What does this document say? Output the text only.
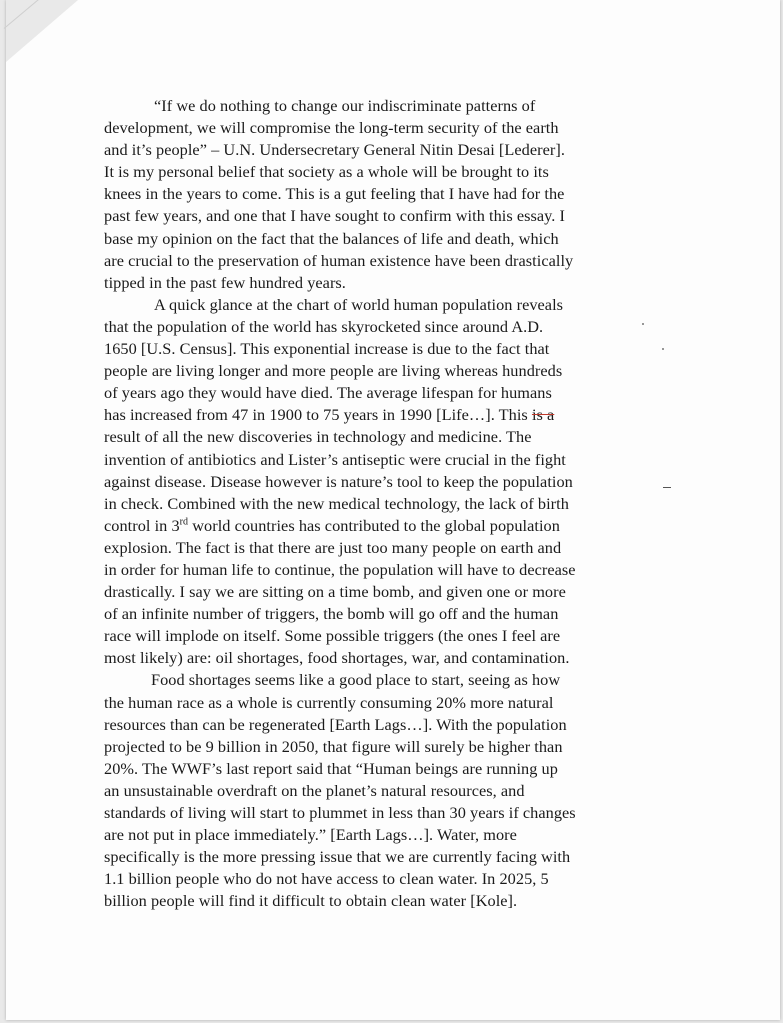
“If we do nothing to change our indiscriminate patterns of
development, we will compromise the long-term security of the earth
and it’s people” – U.N. Undersecretary General Nitin Desai [Lederer].
It is my personal belief that society as a whole will be brought to its
knees in the years to come. This is a gut feeling that I have had for the
past few years, and one that I have sought to confirm with this essay. I
base my opinion on the fact that the balances of life and death, which
are crucial to the preservation of human existence have been drastically
tipped in the past few hundred years.
A quick glance at the chart of world human population reveals
that the population of the world has skyrocketed since around A.D.
1650 [U.S. Census]. This exponential increase is due to the fact that
people are living longer and more people are living whereas hundreds
of years ago they would have died. The average lifespan for humans
has increased from 47 in 1900 to 75 years in 1990 [Life…]. This is a
result of all the new discoveries in technology and medicine. The
invention of antibiotics and Lister’s antiseptic were crucial in the fight
against disease. Disease however is nature’s tool to keep the population
in check. Combined with the new medical technology, the lack of birth
control in 3rd world countries has contributed to the global population
explosion. The fact is that there are just too many people on earth and
in order for human life to continue, the population will have to decrease
drastically. I say we are sitting on a time bomb, and given one or more
of an infinite number of triggers, the bomb will go off and the human
race will implode on itself. Some possible triggers (the ones I feel are
most likely) are: oil shortages, food shortages, war, and contamination.
Food shortages seems like a good place to start, seeing as how
the human race as a whole is currently consuming 20% more natural
resources than can be regenerated [Earth Lags…]. With the population
projected to be 9 billion in 2050, that figure will surely be higher than
20%. The WWF’s last report said that “Human beings are running up
an unsustainable overdraft on the planet’s natural resources, and
standards of living will start to plummet in less than 30 years if changes
are not put in place immediately.” [Earth Lags…]. Water, more
specifically is the more pressing issue that we are currently facing with
1.1 billion people who do not have access to clean water. In 2025, 5
billion people will find it difficult to obtain clean water [Kole].
